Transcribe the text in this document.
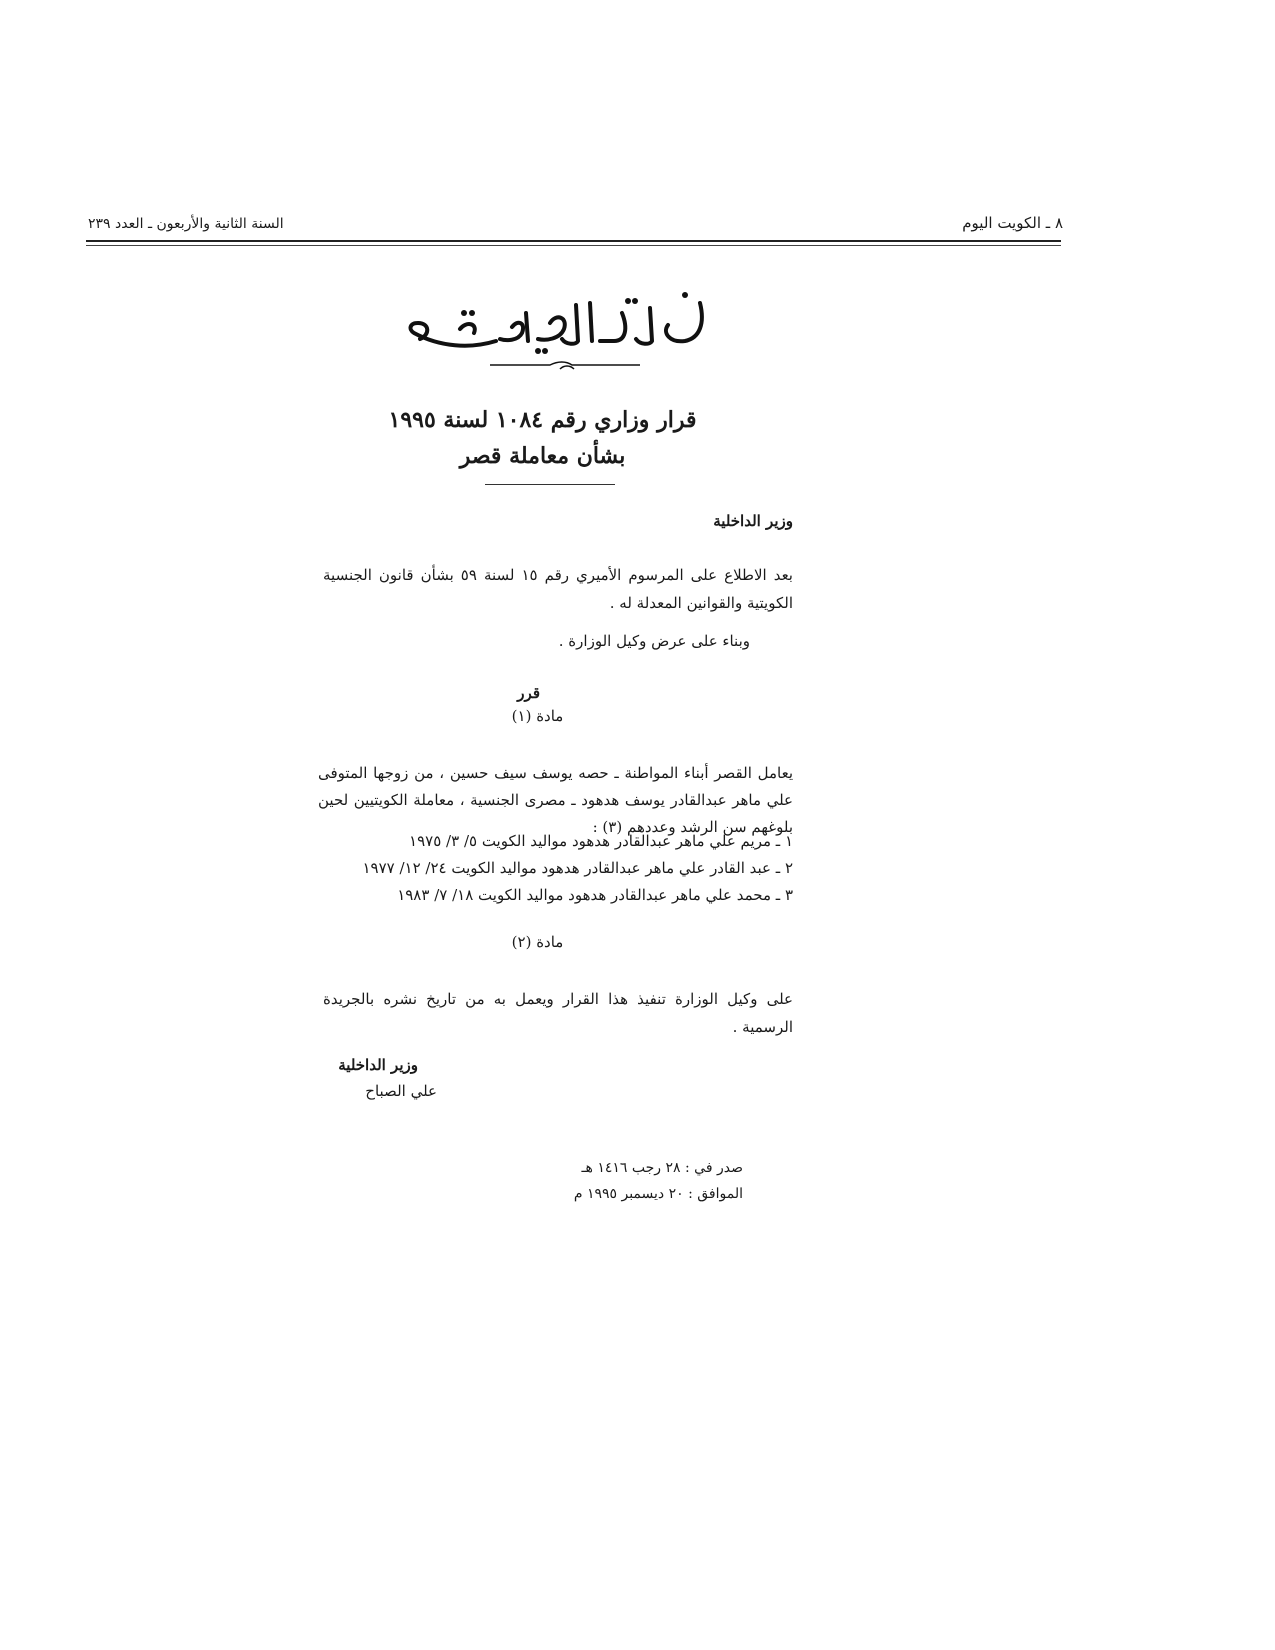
٨ ـ الكويت اليوم
السنة الثانية والأربعون ـ العدد ٢٣٩
قرار وزاري رقم ١٠٨٤ لسنة ١٩٩٥
بشأن معاملة قصر
وزير الداخلية
بعد الاطلاع على المرسوم الأميري رقم ١٥ لسنة ٥٩ بشأن قانون الجنسية الكويتية والقوانين المعدلة له .
وبناء على عرض وكيل الوزارة .
قرر
مادة (١)
يعامل القصر أبناء المواطنة ـ حصه يوسف سيف حسين ، من زوجها المتوفى علي ماهر عبدالقادر يوسف هدهود ـ مصرى الجنسية ، معاملة الكويتيين لحين بلوغهم سن الرشد وعددهم (٣) :
١ ـ مريم علي ماهر عبدالقادر هدهود مواليد الكويت ٥/ ٣/ ١٩٧٥
٢ ـ عبد القادر علي ماهر عبدالقادر هدهود مواليد الكويت ٢٤/ ١٢/ ١٩٧٧
٣ ـ محمد علي ماهر عبدالقادر هدهود مواليد الكويت ١٨/ ٧/ ١٩٨٣
مادة (٢)
على وكيل الوزارة تنفيذ هذا القرار ويعمل به من تاريخ نشره بالجريدة الرسمية .
وزير الداخلية
علي الصباح
صدر في : ٢٨ رجب ١٤١٦ هـ
الموافق : ٢٠ ديسمبر ١٩٩٥ م
